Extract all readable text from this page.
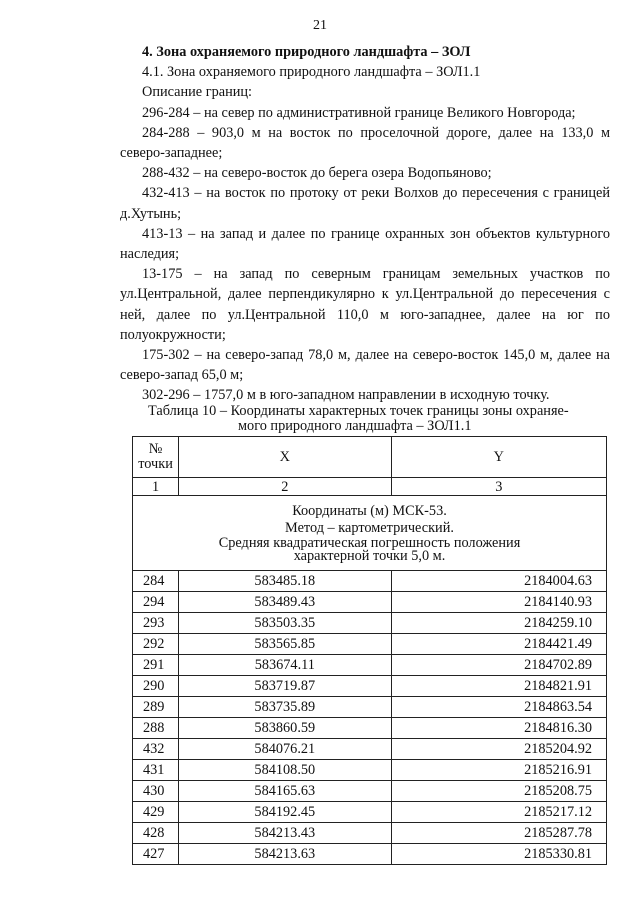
21

4. Зона охраняемого природного ландшафта – ЗОЛ

4.1. Зона охраняемого природного ландшафта – ЗОЛ1.1

Описание границ:

296-284 – на север по административной границе Великого Новгорода;

284-288 – 903,0 м на восток по проселочной дороге, далее на 133,0 м северо-западнее;

288-432 – на северо-восток до берега озера Водопьяново;

432-413 – на восток по протоку от реки Волхов до пересечения с границей д.Хутынь;

413-13 – на запад и далее по границе охранных зон объектов культурного наследия;

13-175 – на запад по северным границам земельных участков по ул.Центральной, далее перпендикулярно к ул.Центральной до пересечения с ней, далее по ул.Центральной 110,0 м юго-западнее, далее на юг по полуокружности;

175-302 – на северо-запад 78,0 м, далее на северо-восток 145,0 м, далее на северо-запад 65,0 м;

302-296 – 1757,0 м в юго-западном направлении в исходную точку.

Таблица 10 – Координаты характерных точек границы зоны охраняе-
мого природного ландшафта – ЗОЛ1.1
№ точки	X	Y
1	2	3

Координаты (м) МСК-53.
Метод – картометрический.
Средняя квадратическая погрешность положения
характерной точки 5,0 м.		

284	583485.18	2184004.63
294	583489.43	2184140.93
293	583503.35	2184259.10
292	583565.85	2184421.49
291	583674.11	2184702.89
290	583719.87	2184821.91
289	583735.89	2184863.54
288	583860.59	2184816.30
432	584076.21	2185204.92
431	584108.50	2185216.91
430	584165.63	2185208.75
429	584192.45	2185217.12
428	584213.43	2185287.78
427	584213.63	2185330.81
